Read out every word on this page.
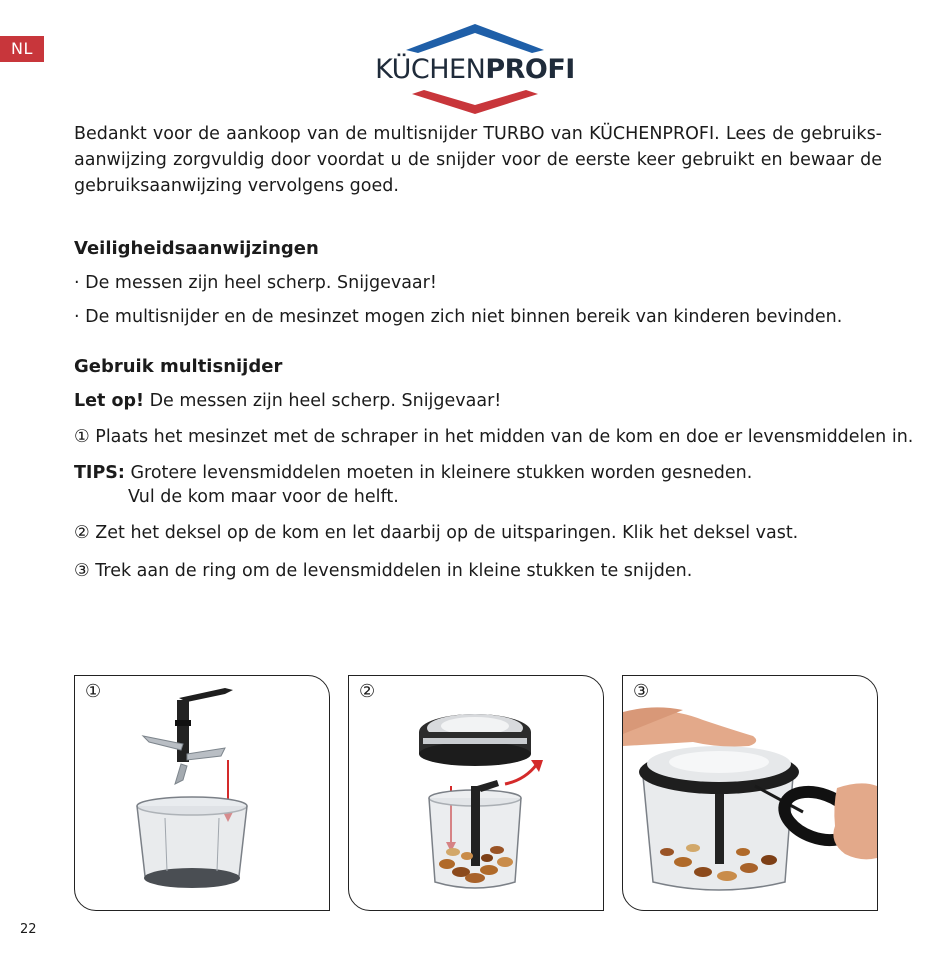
NL
KÜCHENPROFI

Bedankt voor de aankoop van de multisnijder TURBO van KÜCHENPROFI. Lees de gebruiks-aanwijzing zorgvuldig door voordat u de snijder voor de eerste keer gebruikt en bewaar de gebruiksaanwijzing vervolgens goed.

Veiligheidsaanwijzingen

· De messen zijn heel scherp. Snijgevaar!

· De multisnijder en de mesinzet mogen zich niet binnen bereik van kinderen bevinden.

Gebruik multisnijder

Let op! De messen zijn heel scherp. Snijgevaar!

① Plaats het mesinzet met de schraper in het midden van de kom en doe er levensmiddelen in.

TIPS: Grotere levensmiddelen moeten in kleinere stukken worden gesneden.

Vul de kom maar voor de helft.

② Zet het deksel op de kom en let daarbij op de uitsparingen. Klik het deksel vast.

③ Trek aan de ring om de levensmiddelen in kleine stukken te snijden.

①	②	③
22
